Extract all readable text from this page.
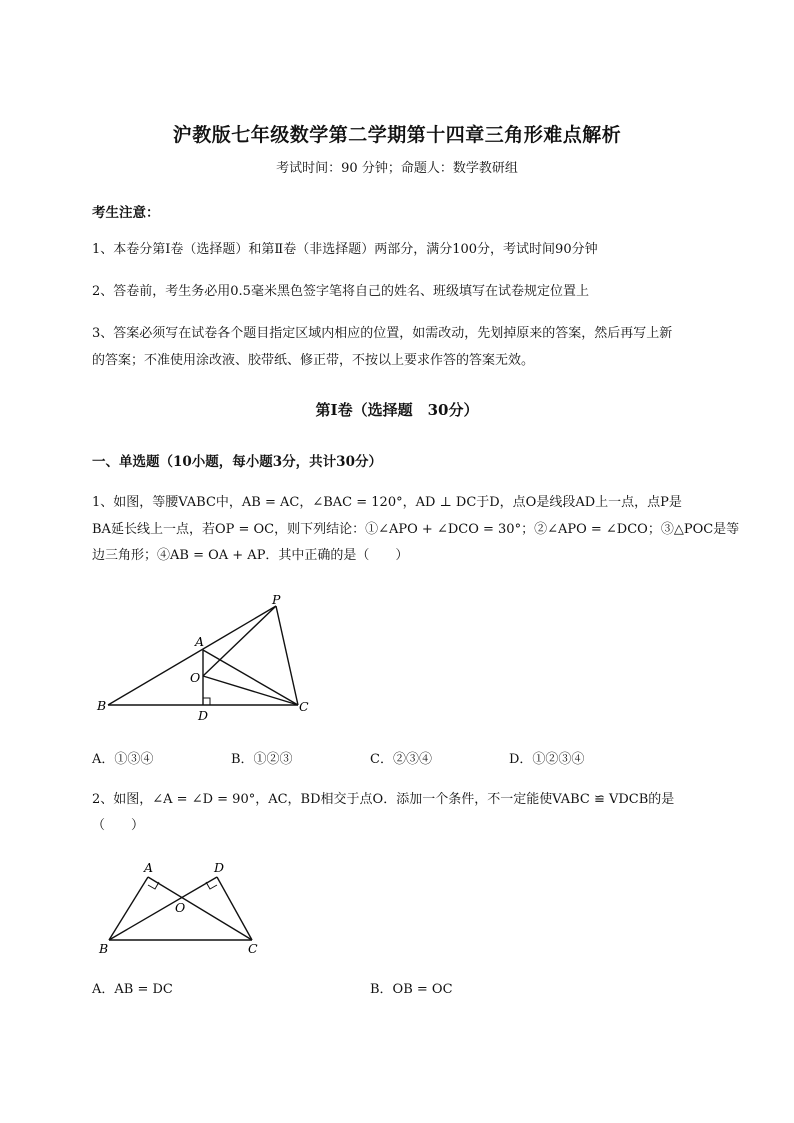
沪教版七年级数学第二学期第十四章三角形难点解析
考试时间：90 分钟；命题人：数学教研组
考生注意：
1、本卷分第Ⅰ卷（选择题）和第Ⅱ卷（非选择题）两部分，满分100分，考试时间90分钟
2、答卷前，考生务必用0.5毫米黑色签字笔将自己的姓名、班级填写在试卷规定位置上
3、答案必须写在试卷各个题目指定区域内相应的位置，如需改动，先划掉原来的答案，然后再写上新
的答案；不准使用涂改液、胶带纸、修正带，不按以上要求作答的答案无效。
第Ⅰ卷（选择题　30分）
一、单选题（10小题，每小题3分，共计30分）
1、如图，等腰VABC中，AB = AC，∠BAC = 120°，AD ⊥ DC于D，点O是线段AD上一点，点P是
BA延长线上一点，若OP = OC，则下列结论：①∠APO + ∠DCO = 30°；②∠APO = ∠DCO；③△POC是等
边三角形；④AB = OA + AP．其中正确的是（　　）
P
A
O
B
D
C
A．①③④	B．①②③	C．②③④	D．①②③④
2、如图，∠A = ∠D = 90°，AC，BD相交于点O．添加一个条件，不一定能使VABC ≌ VDCB的是
（　　）
A	D
O
B	C
A．AB = DC	B．OB = OC
